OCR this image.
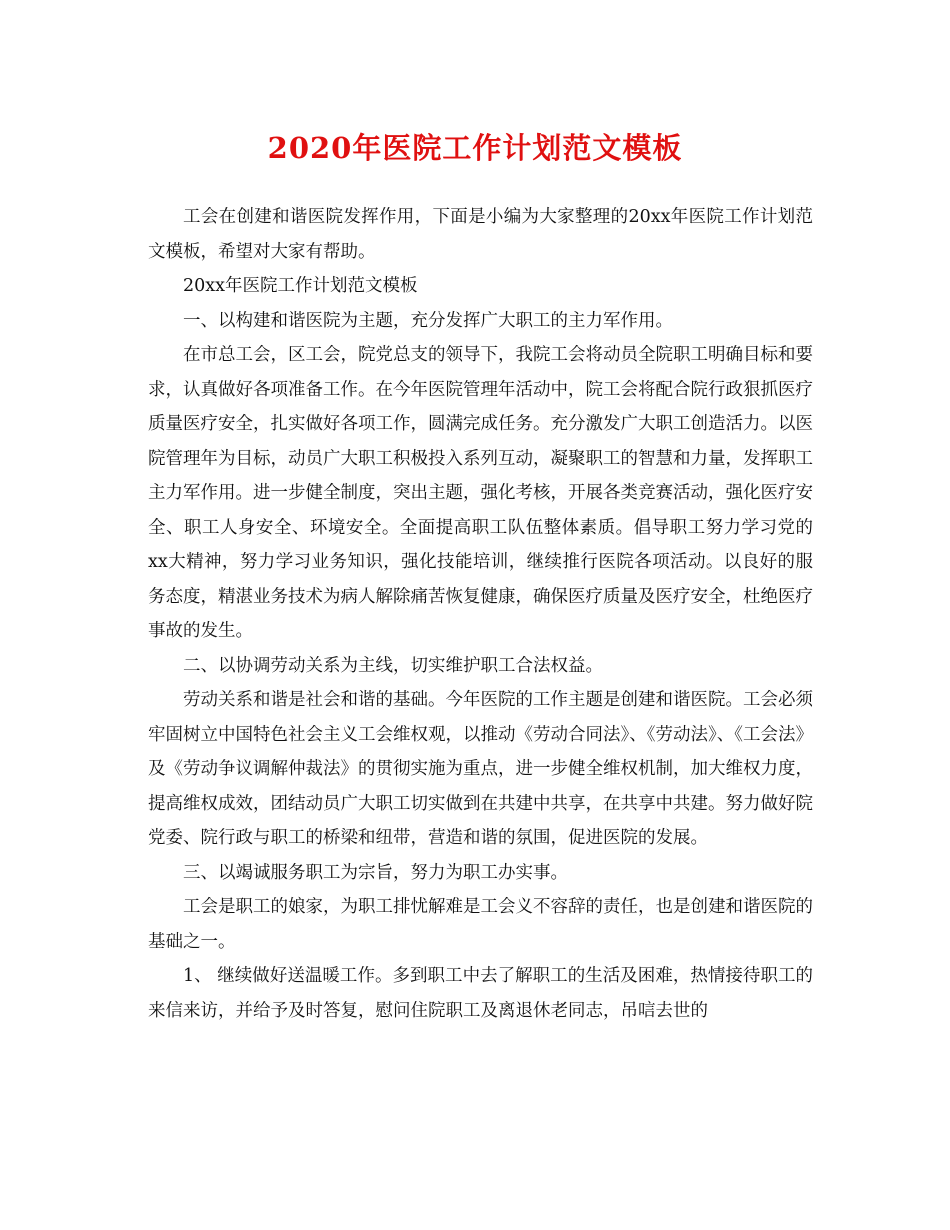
2020年医院工作计划范文模板

工会在创建和谐医院发挥作用，下面是小编为大家整理的20xx年医院工作计划范文模板，希望对大家有帮助。

20xx年医院工作计划范文模板

一、以构建和谐医院为主题，充分发挥广大职工的主力军作用。

在市总工会，区工会，院党总支的领导下，我院工会将动员全院职工明确目标和要求，认真做好各项准备工作。在今年医院管理年活动中，院工会将配合院行政狠抓医疗质量医疗安全，扎实做好各项工作，圆满完成任务。充分激发广大职工创造活力。以医院管理年为目标，动员广大职工积极投入系列互动，凝聚职工的智慧和力量，发挥职工主力军作用。进一步健全制度，突出主题，强化考核，开展各类竞赛活动，强化医疗安全、职工人身安全、环境安全。全面提高职工队伍整体素质。倡导职工努力学习党的xx大精神，努力学习业务知识，强化技能培训，继续推行医院各项活动。以良好的服务态度，精湛业务技术为病人解除痛苦恢复健康，确保医疗质量及医疗安全，杜绝医疗事故的发生。

二、以协调劳动关系为主线，切实维护职工合法权益。

劳动关系和谐是社会和谐的基础。今年医院的工作主题是创建和谐医院。工会必须牢固树立中国特色社会主义工会维权观，以推动《劳动合同法》、《劳动法》、《工会法》及《劳动争议调解仲裁法》的贯彻实施为重点，进一步健全维权机制，加大维权力度，提高维权成效，团结动员广大职工切实做到在共建中共享，在共享中共建。努力做好院党委、院行政与职工的桥梁和纽带，营造和谐的氛围，促进医院的发展。

三、以竭诚服务职工为宗旨，努力为职工办实事。

工会是职工的娘家，为职工排忧解难是工会义不容辞的责任，也是创建和谐医院的基础之一。

1、 继续做好送温暖工作。多到职工中去了解职工的生活及困难，热情接待职工的来信来访，并给予及时答复，慰问住院职工及离退休老同志，吊唁去世的
